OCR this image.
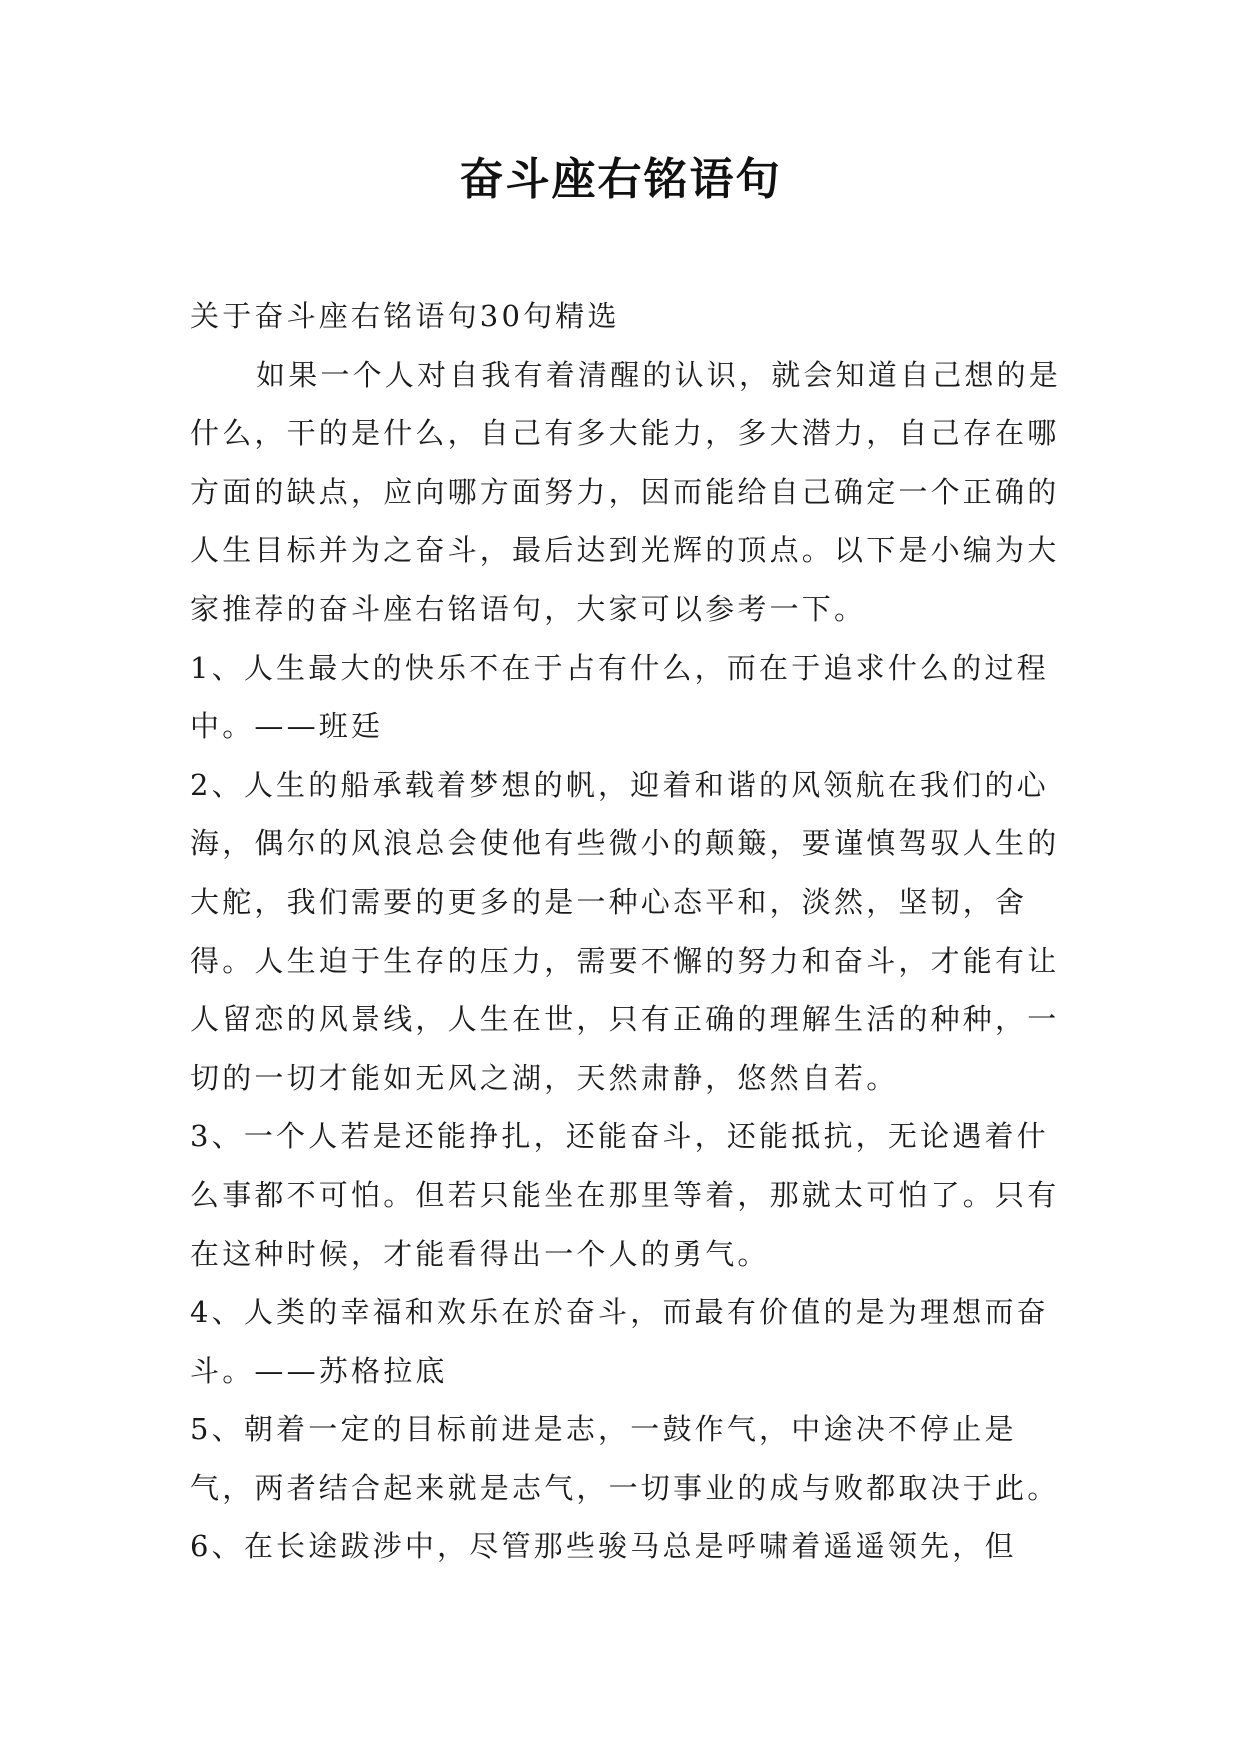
奋斗座右铭语句

关于奋斗座右铭语句30句精选

如果一个人对自我有着清醒的认识，就会知道自己想的是什么，干的是什么，自己有多大能力，多大潜力，自己存在哪方面的缺点，应向哪方面努力，因而能给自己确定一个正确的人生目标并为之奋斗，最后达到光辉的顶点。以下是小编为大家推荐的奋斗座右铭语句，大家可以参考一下。

1、人生最大的快乐不在于占有什么，而在于追求什么的过程中。——班廷

2、人生的船承载着梦想的帆，迎着和谐的风领航在我们的心海，偶尔的风浪总会使他有些微小的颠簸，要谨慎驾驭人生的大舵，我们需要的更多的是一种心态平和，淡然，坚韧，舍得。人生迫于生存的压力，需要不懈的努力和奋斗，才能有让人留恋的风景线，人生在世，只有正确的理解生活的种种，一切的一切才能如无风之湖，天然肃静，悠然自若。

3、一个人若是还能挣扎，还能奋斗，还能抵抗，无论遇着什么事都不可怕。但若只能坐在那里等着，那就太可怕了。只有在这种时候，才能看得出一个人的勇气。

4、人类的幸福和欢乐在於奋斗，而最有价值的是为理想而奋斗。——苏格拉底

5、朝着一定的目标前进是志，一鼓作气，中途决不停止是气，两者结合起来就是志气，一切事业的成与败都取决于此。

6、在长途跋涉中，尽管那些骏马总是呼啸着遥遥领先，但
